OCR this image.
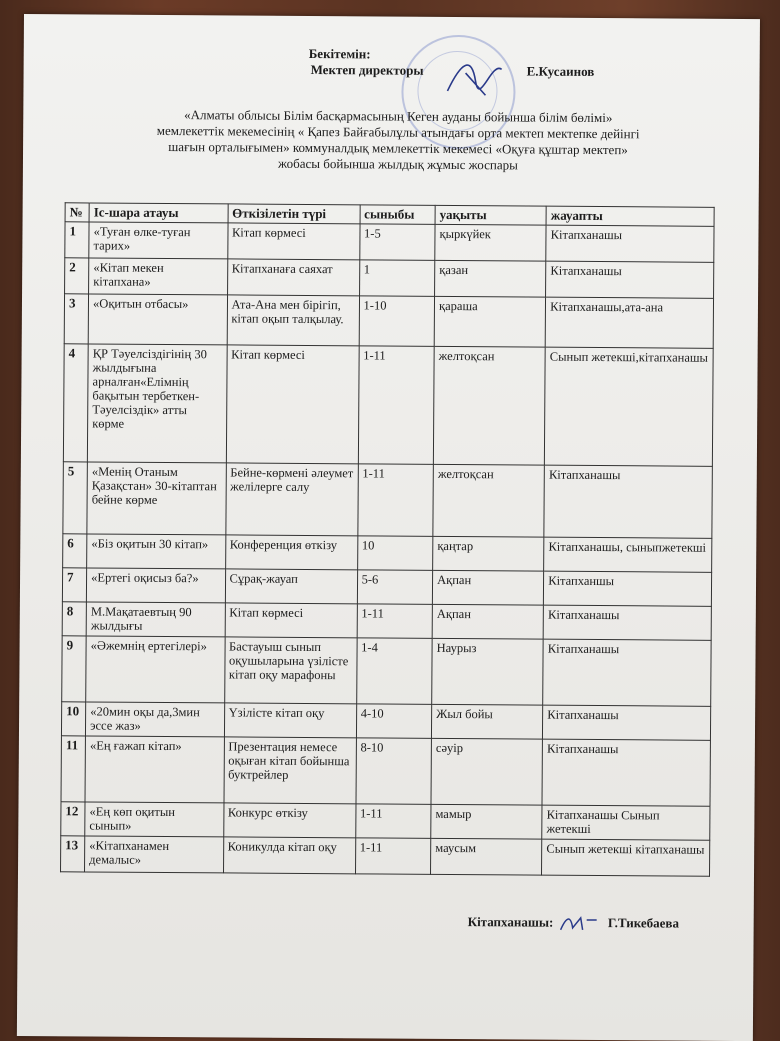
Бекітемін:
Мектеп директоры	Е.Кусаинов
«Алматы облысы Білім басқармасының Кеген ауданы бойынша білім бөлімі»
мемлекеттік мекемесінің « Қапез Байғабылұлы атындағы орта мектеп мектепке дейінгі
шағын орталығымен» коммуналдық мемлекеттік мекемесі «Оқуға құштар мектеп»
жобасы бойынша жылдық жұмыс жоспары
№	Іс-шара атауы	Өткізілетін түрі	сыныбы	уақыты	жауапты
1	«Туған өлке-туған тарих»	Кітап көрмесі	1-5	қыркүйек	Кітапханашы
2	«Кітап мекен кітапхана»	Кітапханаға саяхат	1	қазан	Кітапханашы
3	«Оқитын отбасы»	Ата-Ана мен бірігіп, кітап оқып талқылау.	1-10	қараша	Кітапханашы,ата-ана
4	ҚР Тәуелсіздігінің 30 жылдығына арналған«Елімнің бақытын тербеткен-Тәуелсіздік» атты көрме	Кітап көрмесі	1-11	желтоқсан	Сынып жетекші,кітапханашы
5	«Менің Отаным Қазақстан» 30-кітаптан бейне көрме	Бейне-көрмені әлеумет желілерге салу	1-11	желтоқсан	Кітапханашы
6	«Біз оқитын 30 кітап»	Конференция өткізу	10	қаңтар	Кітапханашы, сыныпжетекші
7	«Ертегі оқисыз ба?»	Сұрақ-жауап	5-6	Ақпан	Кітапханшы
8	М.Мақатаевтың 90 жылдығы	Кітап көрмесі	1-11	Ақпан	Кітапханашы
9	«Әжемнің ертегілері»	Бастауыш сынып оқушыларына үзілісте кітап оқу марафоны	1-4	Наурыз	Кітапханашы
10	«20мин оқы да,3мин эссе жаз»	Үзілісте кітап оқу	4-10	Жыл бойы	Кітапханашы
11	«Ең ғажап кітап»	Презентация немесе оқыған кітап бойынша буктрейлер	8-10	сәуір	Кітапханашы
12	«Ең көп оқитын сынып»	Конкурс өткізу	1-11	мамыр	Кітапханашы Сынып жетекші
13	«Кітапханамен демалыс»	Коникулда кітап оқу	1-11	маусым	Сынып жетекші кітапханашы
Кітапханашы:	Г.Тикебаева
